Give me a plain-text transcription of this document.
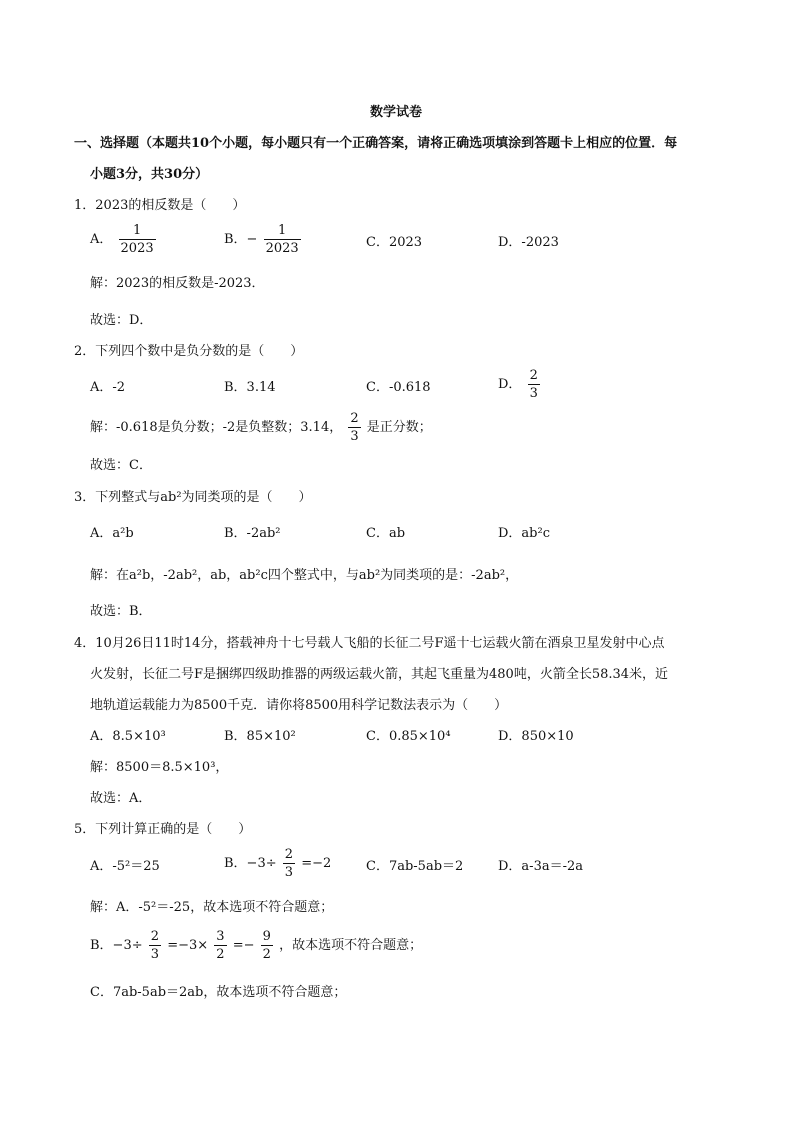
数学试卷
一、选择题（本题共10个小题，每小题只有一个正确答案，请将正确选项填涂到答题卡上相应的位置．每
小题3分，共30分）
1．2023的相反数是（　　）
A． $\frac{1}{2023}$	B．− $\frac{1}{2023}$	C．2023	D．-2023
解：2023的相反数是-2023．
故选：D．
2．下列四个数中是负分数的是（　　）
A．-2	B．3.14	C．-0.618	D． $\frac{2}{3}$
解：-0.618是负分数；-2是负整数；3.14， $\frac{2}{3}$ 是正分数；
故选：C．
3．下列整式与ab²为同类项的是（　　）
A．a²b	B．-2ab²	C．ab	D．ab²c
解：在a²b，-2ab²，ab，ab²c四个整式中，与ab²为同类项的是：-2ab²，
故选：B．
4．10月26日11时14分，搭载神舟十七号载人飞船的长征二号F遥十七运载火箭在酒泉卫星发射中心点
火发射，长征二号F是捆绑四级助推器的两级运载火箭，其起飞重量为480吨，火箭全长58.34米，近
地轨道运载能力为8500千克．请你将8500用科学记数法表示为（　　）
A．8.5×10³	B．85×10²	C．0.85×10⁴	D．850×10
解：8500＝8.5×10³，
故选：A．
5．下列计算正确的是（　　）
A．-5²＝25	B．$-3\div \frac{2}{3} =-2$	C．7ab-5ab＝2	D．a-3a＝-2a
解：A．-5²＝-25，故本选项不符合题意；
B．$-3\div \frac{2}{3} =-3\times \frac{3}{2} =- \frac{9}{2}$ ，故本选项不符合题意；
C．7ab-5ab＝2ab，故本选项不符合题意；
